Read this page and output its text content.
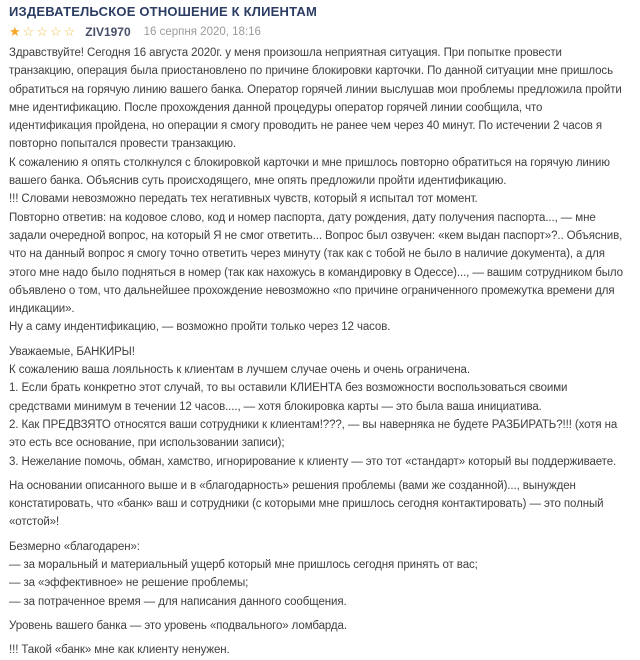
ИЗДЕВАТЕЛЬСКОЕ ОТНОШЕНИЕ К КЛИЕНТАМ
★☆☆☆☆ ZIV1970 16 серпня 2020, 18:16
Здравствуйте! Сегодня 16 августа 2020г. у меня произошла неприятная ситуация. При попытке провести транзакцию, операция была приостановлено по причине блокировки карточки. По данной ситуации мне пришлось обратиться на горячую линию вашего банка. Оператор горячей линии выслушав мои проблемы предложила пройти мне идентификацию. После прохождения данной процедуры оператор горячей линии сообщила, что идентификация пройдена, но операции я смогу проводить не ранее чем через 40 минут. По истечении 2 часов я повторно попытался провести транзакцию.
К сожалению я опять столкнулся с блокировкой карточки и мне пришлось повторно обратиться на горячую линию вашего банка. Объяснив суть происходящего, мне опять предложили пройти идентификацию.
!!! Словами невозможно передать тех негативных чувств, который я испытал тот момент.
Повторно ответив: на кодовое слово, код и номер паспорта, дату рождения, дату получения паспорта..., — мне задали очередной вопрос, на который Я не смог ответить... Вопрос был озвучен: «кем выдан паспорт»?.. Объяснив, что на данный вопрос я смогу точно ответить через минуту (так как с тобой не было в наличие документа), а для этого мне надо было подняться в номер (так как нахожусь в командировку в Одессе)..., — вашим сотрудником было объявлено о том, что дальнейшее прохождение невозможно «по причине ограниченного промежутка времени для индикации».
Ну а саму индентификацию, — возможно пройти только через 12 часов.
Уважаемые, БАНКИРЫ!
К сожалению ваша лояльность к клиентам в лучшем случае очень и очень ограничена.
1. Если брать конкретно этот случай, то вы оставили КЛИЕНТА без возможности воспользоваться своими средствами минимум в течении 12 часов...., — хотя блокировка карты — это была ваша инициатива.
2. Как ПРЕДВЗЯТО относятся ваши сотрудники к клиентам!???, — вы наверняка не будете РАЗБИРАТЬ?!!! (хотя на это есть все основание, при использовании записи);
3. Нежелание помочь, обман, хамство, игнорирование к клиенту — это тот «стандарт» который вы поддерживаете.
На основании описанного выше и в «благодарность» решения проблемы (вами же созданной)..., вынужден констатировать, что «банк» ваш и сотрудники (с которыми мне пришлось сегодня контактировать) — это полный «отстой»!
Безмерно «благодарен»:
— за моральный и материальный ущерб который мне пришлось сегодня принять от вас;
— за «эффективное» не решение проблемы;
— за потраченное время — для написания данного сообщения.
Уровень вашего банка — это уровень «подвального» ломбарда.
!!! Такой «банк» мне как клиенту ненужен.
